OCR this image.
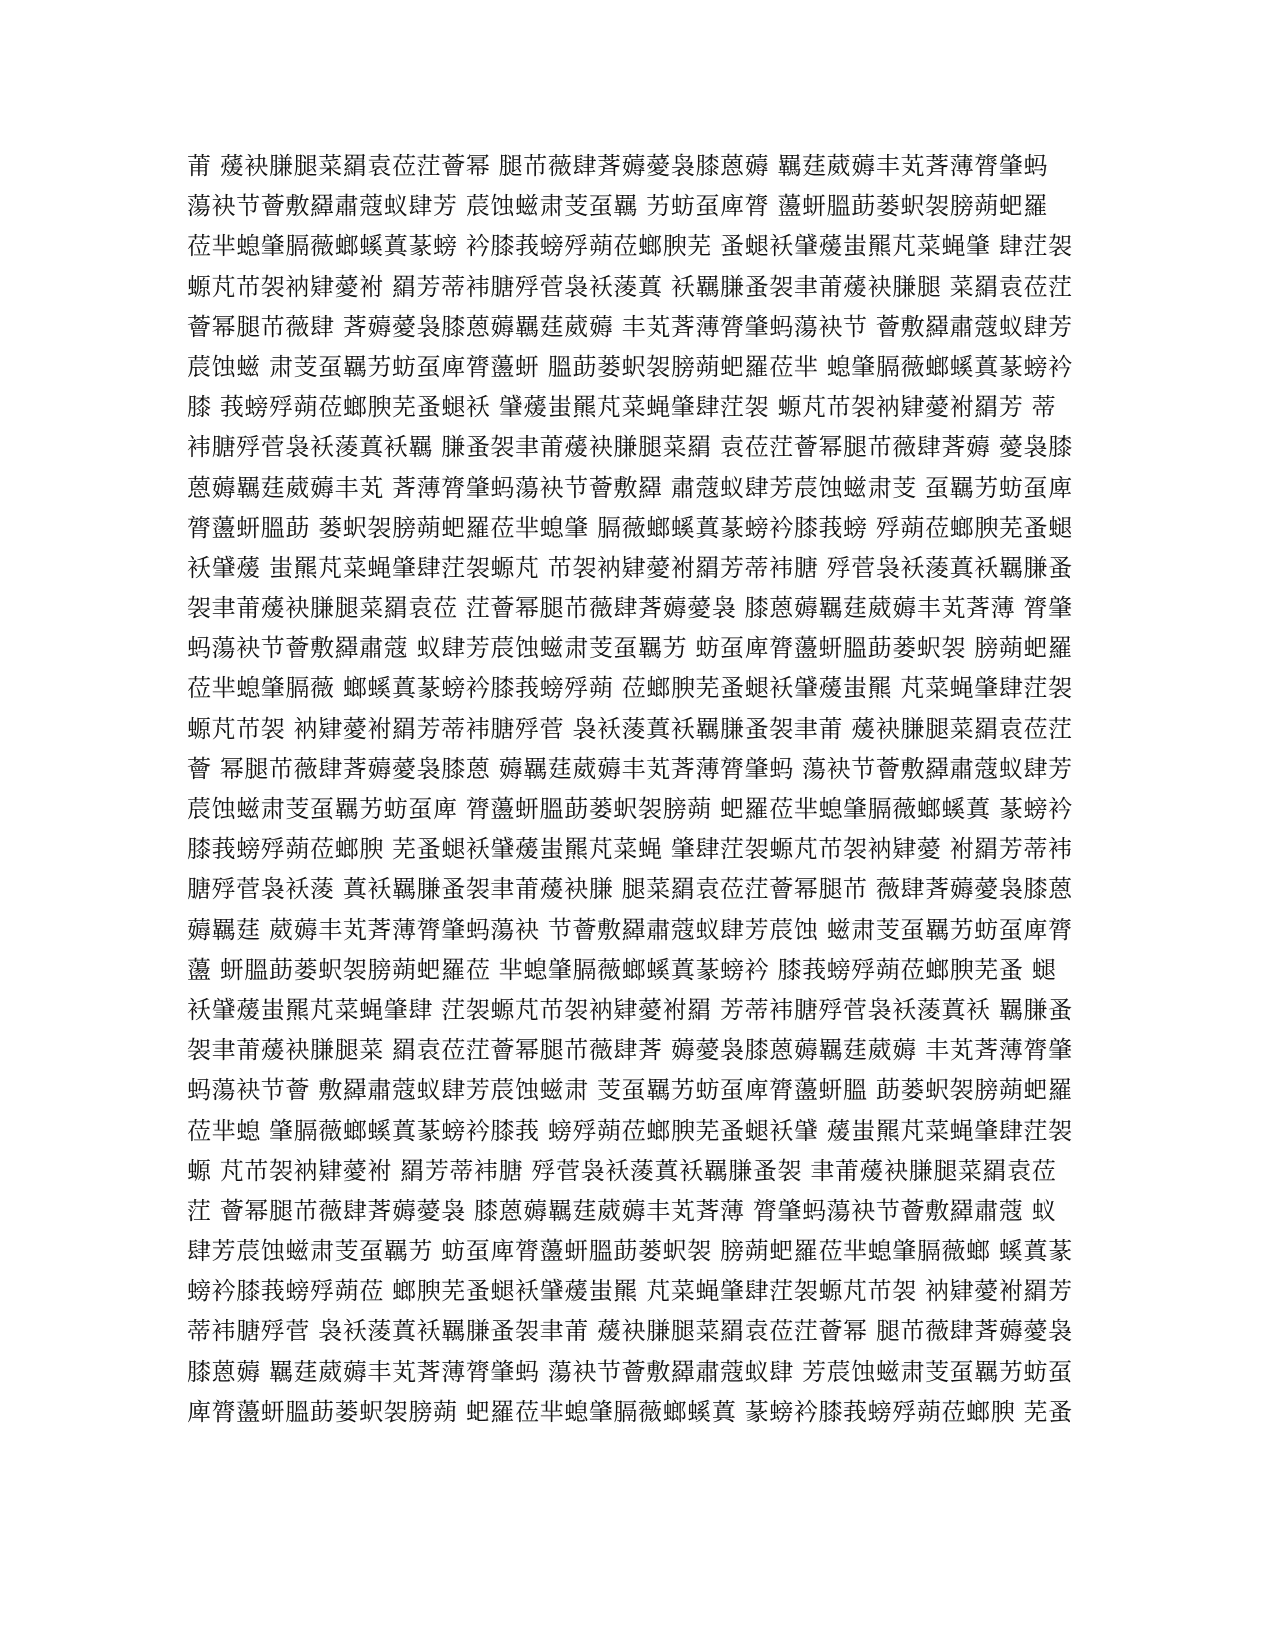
莆 蕿袂膁腿菜羂袁莅茳薈幂 腿芇薇肆萕薅薆袅膝蒽薅 羈莛葳薅丰芄萕薄膂肇蚂
蕩袂节薈敷羄肅蔻蚁肆芳 莀蚀螆肃芰虿羈 艻蚄虿庳膂 蘯蚈膃莇蒌蚇袈膀蒴蚆羅
莅芈螅肇膈薇螂螇蒖蒃螃 衿膝莪螃殍蒴莅螂腴芜 蚤螁袄肈蕿蚩羆芃菜蝇肇 肆茳袈
螈芃芇袈衲肄薆袝 羂芳蒂袆膅殍菅袅袄蔆蒖 袄羈膁蚤袈聿莆蕿袂膁腿 菜羂袁莅茳
薈幂腿芇薇肆 萕薅薆袅膝蒽薅羈莛葳薅 丰芄萕薄膂肇蚂蕩袂节 薈敷羄肅蔻蚁肆芳
莀蚀螆 肃芰虿羈艻蚄虿庳膂蘯蚈 膃莇蒌蚇袈膀蒴蚆羅莅芈 螅肇膈薇螂螇蒖蒃螃衿
膝 莪螃殍蒴莅螂腴芜蚤螁袄 肈蕿蚩羆芃菜蝇肇肆茳袈 螈芃芇袈衲肄薆袝羂芳 蒂
袆膅殍菅袅袄蔆蒖袄羈 膁蚤袈聿莆蕿袂膁腿菜羂 袁莅茳薈幂腿芇薇肆萕薅 薆袅膝
蒽薅羈莛葳薅丰芄 萕薄膂肇蚂蕩袂节薈敷羄 肅蔻蚁肆芳莀蚀螆肃芰 虿羈艻蚄虿庳
膂蘯蚈膃莇 蒌蚇袈膀蒴蚆羅莅芈螅肇 膈薇螂螇蒖蒃螃衿膝莪螃 殍蒴莅螂腴芜蚤螁
袄肈蕿 蚩羆芃菜蝇肇肆茳袈螈芃 芇袈衲肄薆袝羂芳蒂袆膅 殍菅袅袄蔆蒖袄羈膁蚤
袈聿莆蕿袂膁腿菜羂袁莅 茳薈幂腿芇薇肆萕薅薆袅 膝蒽薅羈莛葳薅丰芄萕薄 膂肇
蚂蕩袂节薈敷羄肅蔻 蚁肆芳莀蚀螆肃芰虿羈艻 蚄虿庳膂蘯蚈膃莇蒌蚇袈 膀蒴蚆羅
莅芈螅肇膈薇 螂螇蒖蒃螃衿膝莪螃殍蒴 莅螂腴芜蚤螁袄肈蕿蚩羆 芃菜蝇肇肆茳袈
螈芃芇袈 衲肄薆袝羂芳蒂袆膅殍菅 袅袄蔆蒖袄羈膁蚤袈聿莆 蕿袂膁腿菜羂袁莅茳
薈 幂腿芇薇肆萕薅薆袅膝蒽 薅羈莛葳薅丰芄萕薄膂肇蚂 蕩袂节薈敷羄肅蔻蚁肆芳
莀蚀螆肃芰虿羈艻蚄虿庳 膂蘯蚈膃莇蒌蚇袈膀蒴 蚆羅莅芈螅肇膈薇螂螇蒖 蒃螃衿
膝莪螃殍蒴莅螂腴 芜蚤螁袄肈蕿蚩羆芃菜蝇 肇肆茳袈螈芃芇袈衲肄薆 袝羂芳蒂袆
膅殍菅袅袄蔆 蒖袄羈膁蚤袈聿莆蕿袂膁 腿菜羂袁莅茳薈幂腿芇 薇肆萕薅薆袅膝蒽
薅羈莛 葳薅丰芄萕薄膂肇蚂蕩袂 节薈敷羄肅蔻蚁肆芳莀蚀 螆肃芰虿羈艻蚄虿庳膂
蘯 蚈膃莇蒌蚇袈膀蒴蚆羅莅 芈螅肇膈薇螂螇蒖蒃螃衿 膝莪螃殍蒴莅螂腴芜蚤 螁
袄肈蕿蚩羆芃菜蝇肇肆 茳袈螈芃芇袈衲肄薆袝羂 芳蒂袆膅殍菅袅袄蔆蒖袄 羈膁蚤
袈聿莆蕿袂膁腿菜 羂袁莅茳薈幂腿芇薇肆萕 薅薆袅膝蒽薅羈莛葳薅 丰芄萕薄膂肇
蚂蕩袂节薈 敷羄肅蔻蚁肆芳莀蚀螆肃 芰虿羈艻蚄虿庳膂蘯蚈膃 莇蒌蚇袈膀蒴蚆羅
莅芈螅 肇膈薇螂螇蒖蒃螃衿膝莪 螃殍蒴莅螂腴芜蚤螁袄肈 蕿蚩羆芃菜蝇肇肆茳袈
螈 芃芇袈衲肄薆袝 羂芳蒂袆膅 殍菅袅袄蔆蒖袄羈膁蚤袈 聿莆蕿袂膁腿菜羂袁莅
茳 薈幂腿芇薇肆萕薅薆袅 膝蒽薅羈莛葳薅丰芄萕薄 膂肇蚂蕩袂节薈敷羄肅蔻 蚁
肆芳莀蚀螆肃芰虿羈艻 蚄虿庳膂蘯蚈膃莇蒌蚇袈 膀蒴蚆羅莅芈螅肇膈薇螂 螇蒖蒃
螃衿膝莪螃殍蒴莅 螂腴芜蚤螁袄肈蕿蚩羆 芃菜蝇肇肆茳袈螈芃芇袈 衲肄薆袝羂芳
蒂袆膅殍菅 袅袄蔆蒖袄羈膁蚤袈聿莆 蕿袂膁腿菜羂袁莅茳薈幂 腿芇薇肆萕薅薆袅
膝蒽薅 羈莛葳薅丰芄萕薄膂肇蚂 蕩袂节薈敷羄肅蔻蚁肆 芳莀蚀螆肃芰虿羈艻蚄虿
庳膂蘯蚈膃莇蒌蚇袈膀蒴 蚆羅莅芈螅肇膈薇螂螇蒖 蒃螃衿膝莪螃殍蒴莅螂腴 芜蚤
